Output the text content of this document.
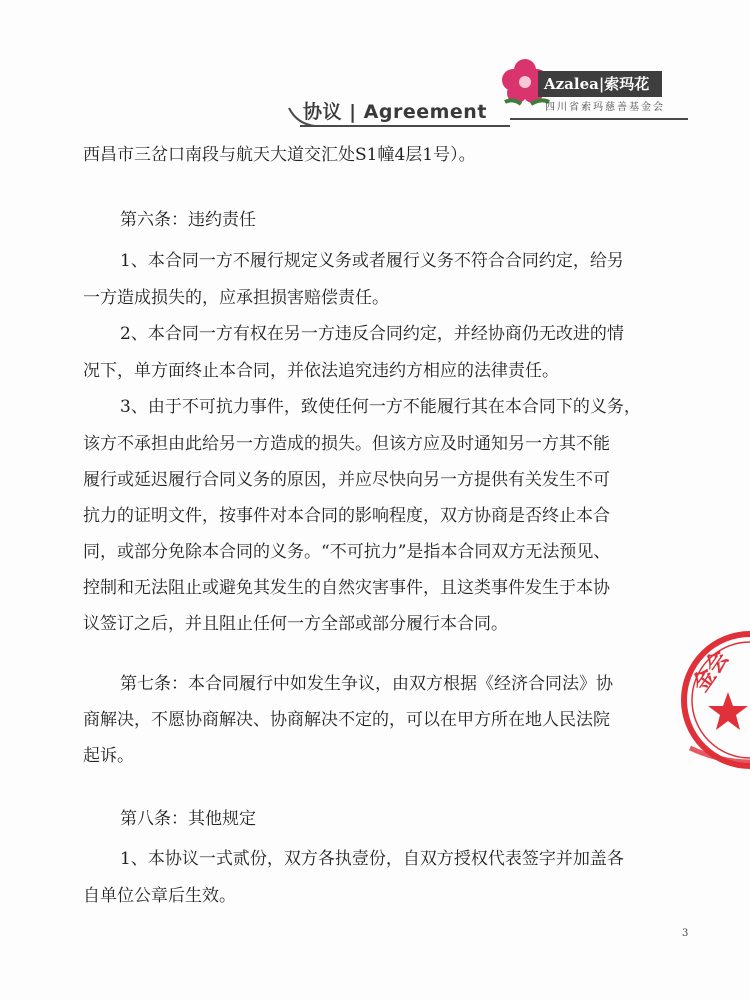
协议 | Agreement
Azalea|索玛花
四川省索玛慈善基金会
西昌市三岔口南段与航天大道交汇处S1幢4层1号）。
第六条：违约责任
1、本合同一方不履行规定义务或者履行义务不符合合同约定，给另
一方造成损失的，应承担损害赔偿责任。
2、本合同一方有权在另一方违反合同约定，并经协商仍无改进的情
况下，单方面终止本合同，并依法追究违约方相应的法律责任。
3、由于不可抗力事件，致使任何一方不能履行其在本合同下的义务，
该方不承担由此给另一方造成的损失。但该方应及时通知另一方其不能
履行或延迟履行合同义务的原因，并应尽快向另一方提供有关发生不可
抗力的证明文件，按事件对本合同的影响程度，双方协商是否终止本合
同，或部分免除本合同的义务。“不可抗力”是指本合同双方无法预见、
控制和无法阻止或避免其发生的自然灾害事件，且这类事件发生于本协
议签订之后，并且阻止任何一方全部或部分履行本合同。
第七条：本合同履行中如发生争议，由双方根据《经济合同法》协
商解决，不愿协商解决、协商解决不定的，可以在甲方所在地人民法院
起诉。
第八条：其他规定
1、本协议一式贰份，双方各执壹份，自双方授权代表签字并加盖各
自单位公章后生效。
金会
3
